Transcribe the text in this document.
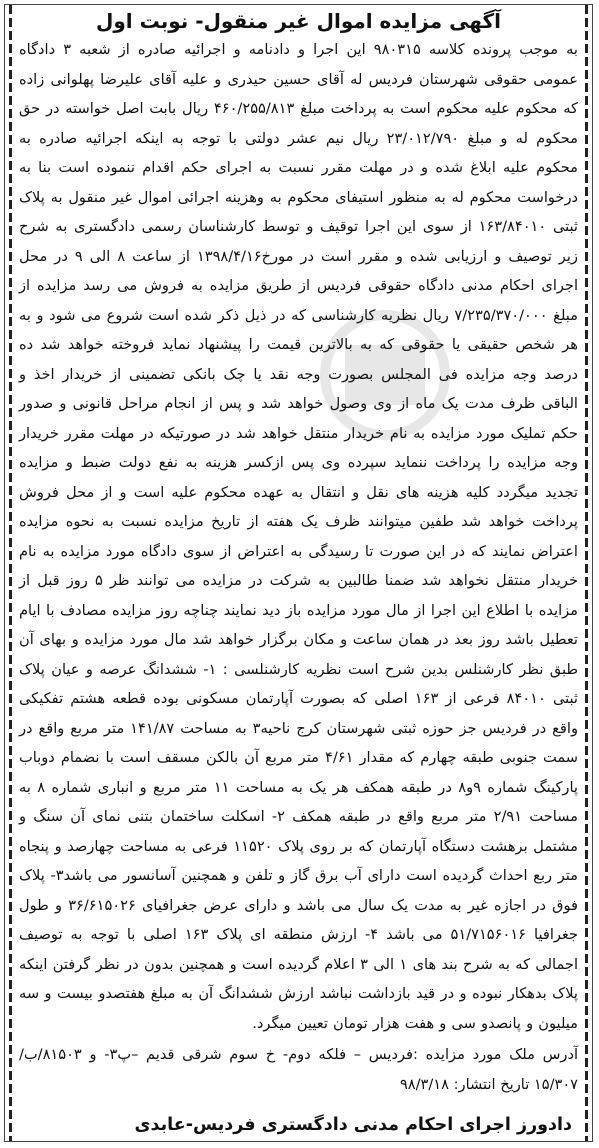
آگهی مزایده اموال غیر منقول- نوبت اول

به موجب پرونده کلاسه ۹۸۰۳۱۵ این اجرا و دادنامه و اجرائیه صادره از شعبه ۳ دادگاه عمومی حقوقی شهرستان فردیس له آقای حسین حیدری و علیه آقای علیرضا پهلوانی زاده که محکوم علیه محکوم است به پرداخت مبلغ ۴۶۰/۲۵۵/۸۱۳ ریال بابت اصل خواسته در حق محکوم له و مبلغ ۲۳/۰۱۲/۷۹۰ ریال نیم عشر دولتی با توجه به اینکه اجرائیه صادره به محکوم علیه ابلاغ شده و در مهلت مقرر نسبت به اجرای حکم اقدام ننموده است بنا به درخواست محکوم له به منظور استیفای محکوم به وهزینه اجرائی اموال غیر منقول به پلاک ثبتی ۱۶۳/۸۴۰۱۰ از سوی این اجرا توقیف و توسط کارشناسان رسمی دادگستری به شرح زیر توصیف و ارزیابی شده و مقرر است در مورخ۱۳۹۸/۴/۱۶ از ساعت ۸ الی ۹ در محل اجرای احکام مدنی دادگاه حقوقی فردیس از طریق مزایده به فروش می رسد مزایده از مبلغ ۷/۲۳۵/۳۷۰/۰۰۰ ریال نظریه کارشناسی که در ذیل ذکر شده است شروع می شود و به هر شخص حقیقی یا حقوقی که به بالاترین قیمت را پیشنهاد نماید فروخته خواهد شد ده درصد وجه مزایده فی المجلس بصورت وجه نقد یا چک بانکی تضمینی از خریدار اخذ و الباقی ظرف مدت یک ماه از وی وصول خواهد شد و پس از انجام مراحل قانونی و صدور حکم تملیک مورد مزایده به نام خریدار منتقل خواهد شد در صورتیکه در مهلت مقرر خریدار وجه مزایده را پرداخت ننماید سپرده وی پس ازکسر هزینه به نفع دولت ضبط و مزایده تجدید میگردد کلیه هزینه های نقل و انتقال به عهده محکوم علیه است و از محل فروش پرداخت خواهد شد طفین میتوانند ظرف یک هفته از تاریخ مزایده نسبت به نحوه مزایده اعتراض نمایند که در این صورت تا رسیدگی به اعتراض از سوی دادگاه مورد مزایده به نام خریدار منتقل نخواهد شد ضمنا طالبین به شرکت در مزایده می توانند ظر ۵ روز قبل از مزایده با اطلاع این اجرا از مال مورد مزایده باز دید نمایند چناچه روز مزایده مصادف با ایام تعطیل باشد روز بعد در همان ساعت و مکان برگزار خواهد شد مال مورد مزایده و بهای آن طبق نظر کارشنلس بدین شرح است نظریه کارشنلسی : ۱- ششدانگ عرصه و عیان پلاک ثبتی ۸۴۰۱۰ فرعی از ۱۶۳ اصلی که بصورت آپارتمان مسکونی بوده قطعه هشتم تفکیکی واقع در فردیس جز حوزه ثبتی شهرستان کرج ناحیه۳ به مساحت ۱۴۱/۸۷ متر مربع واقع در سمت جنوبی طبقه چهارم که مقدار ۴/۶۱ متر مربع آن بالکن مسقف است با نضمام دوباب پارکینگ شماره ۹و۸ در طبقه همکف هر یک به مساحت ۱۱ متر مربع و انباری شماره ۸ به مساحت ۲/۹۱ متر مربع واقع در طبقه همکف ۲- اسکلت ساختمان بتنی نمای آن سنگ و مشتمل برهشت دستگاه آپارتمان که بر روی پلاک ۱۱۵۲۰ فرعی به مساحت چهارصد و پنجاه متر ربع احداث گردیده است دارای آب برق گاز و تلفن و همچنین آسانسور می باشد۳- پلاک فوق در اجازه غیر به مدت یک سال می باشد و دارای عرض جغرافیای ۳۶/۶۱۵۰۲۶ و طول جغرافیا ۵۱/۷۱۵۶۰۱۶ می باشد ۴- ارزش منطقه ای پلاک ۱۶۳ اصلی با توجه به توصیف اجمالی که به شرح بند های ۱ الی ۳ اعلام گردیده است و همچنین بدون در نظر گرفتن اینکه پلاک بدهکار نبوده و در قید بازداشت نباشد ارزش ششدانگ آن به مبلغ هفتصدو بیست و سه میلیون و پانصدو سی و هفت هزار تومان تعیین میگرد.

آدرس ملک مورد مزایده :فردیس – فلکه دوم- خ سوم شرقی قدیم –پ۳- و ۸۱۵۰۳/ب/۱۵/۳۰۷ تاریخ انتشار: ۹۸/۳/۱۸

دادورز اجرای احکام مدنی دادگستری فردیس-عابدی
